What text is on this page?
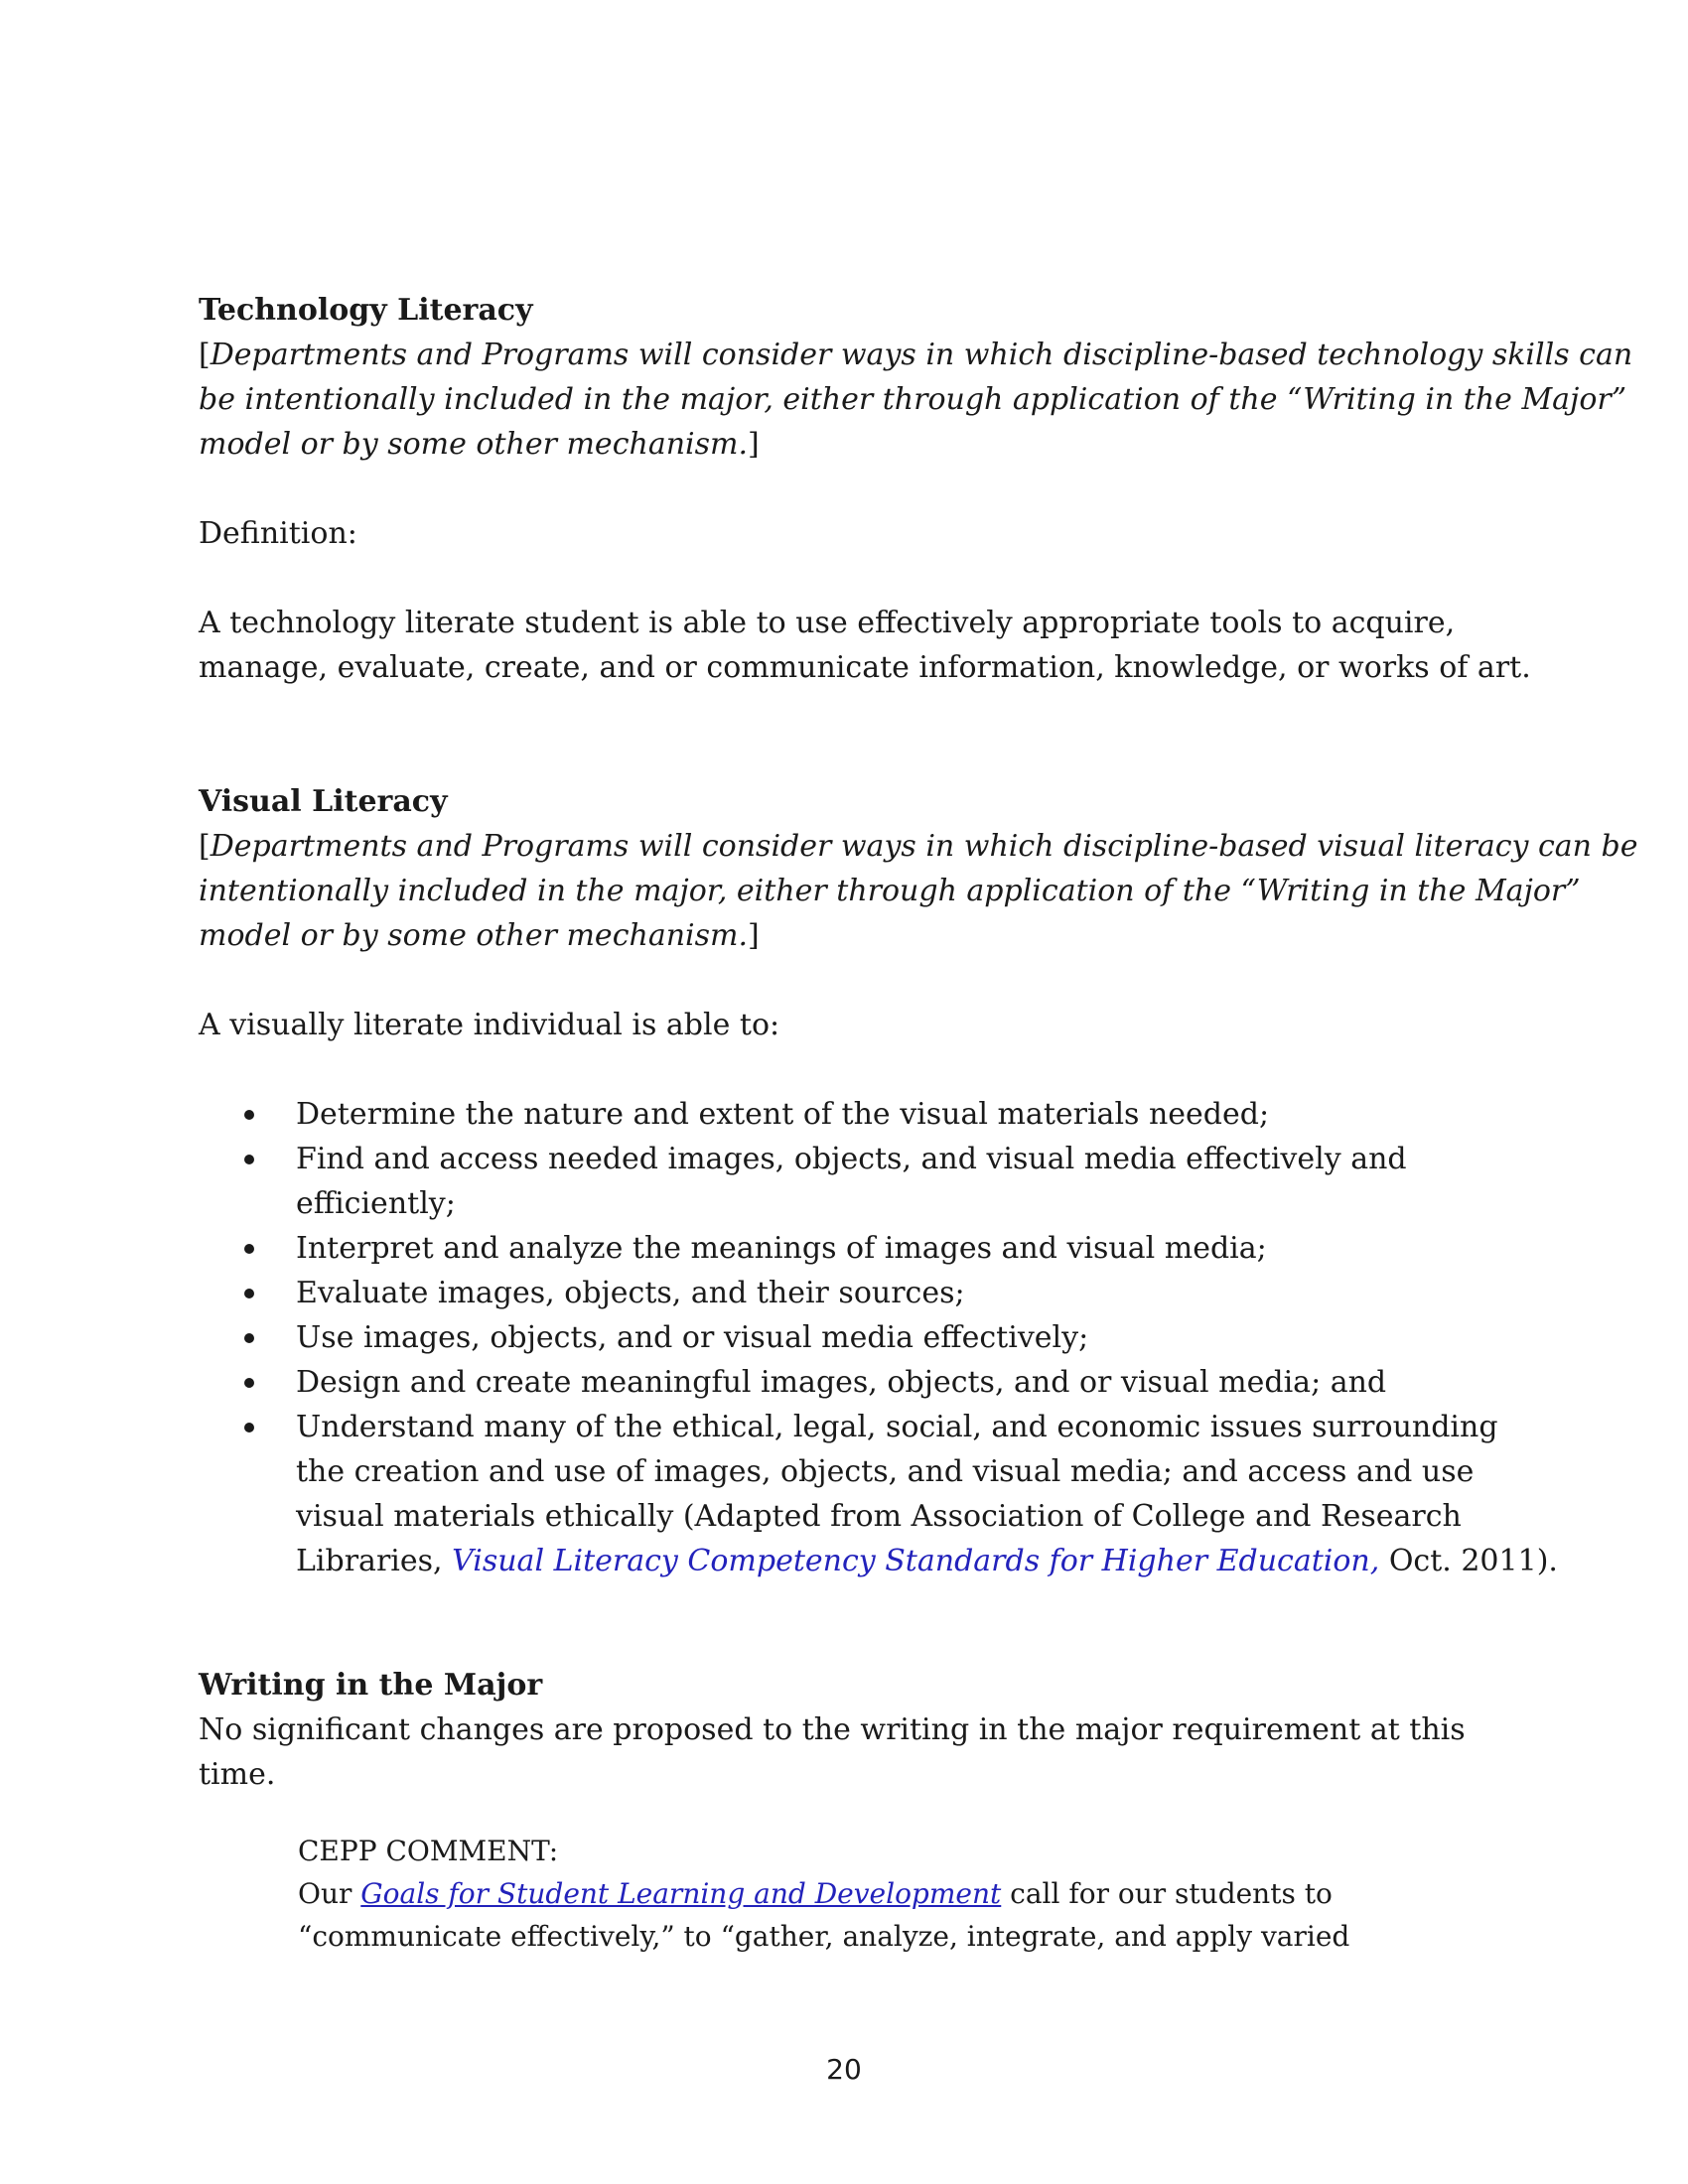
Technology Literacy
[Departments and Programs will consider ways in which discipline-based technology skills can
be intentionally included in the major, either through application of the “Writing in the Major”
model or by some other mechanism.]
Definition:
A technology literate student is able to use effectively appropriate tools to acquire,
manage, evaluate, create, and or communicate information, knowledge, or works of art.
Visual Literacy
[Departments and Programs will consider ways in which discipline-based visual literacy can be
intentionally included in the major, either through application of the “Writing in the Major”
model or by some other mechanism.]
A visually literate individual is able to:
Determine the nature and extent of the visual materials needed;
Find and access needed images, objects, and visual media effectively and
efficiently;
Interpret and analyze the meanings of images and visual media;
Evaluate images, objects, and their sources;
Use images, objects, and or visual media effectively;
Design and create meaningful images, objects, and or visual media; and
Understand many of the ethical, legal, social, and economic issues surrounding
the creation and use of images, objects, and visual media; and access and use
visual materials ethically (Adapted from Association of College and Research
Libraries, Visual Literacy Competency Standards for Higher Education, Oct. 2011).
Writing in the Major
No significant changes are proposed to the writing in the major requirement at this
time.
CEPP COMMENT:
Our Goals for Student Learning and Development call for our students to
“communicate effectively,” to “gather, analyze, integrate, and apply varied
20
